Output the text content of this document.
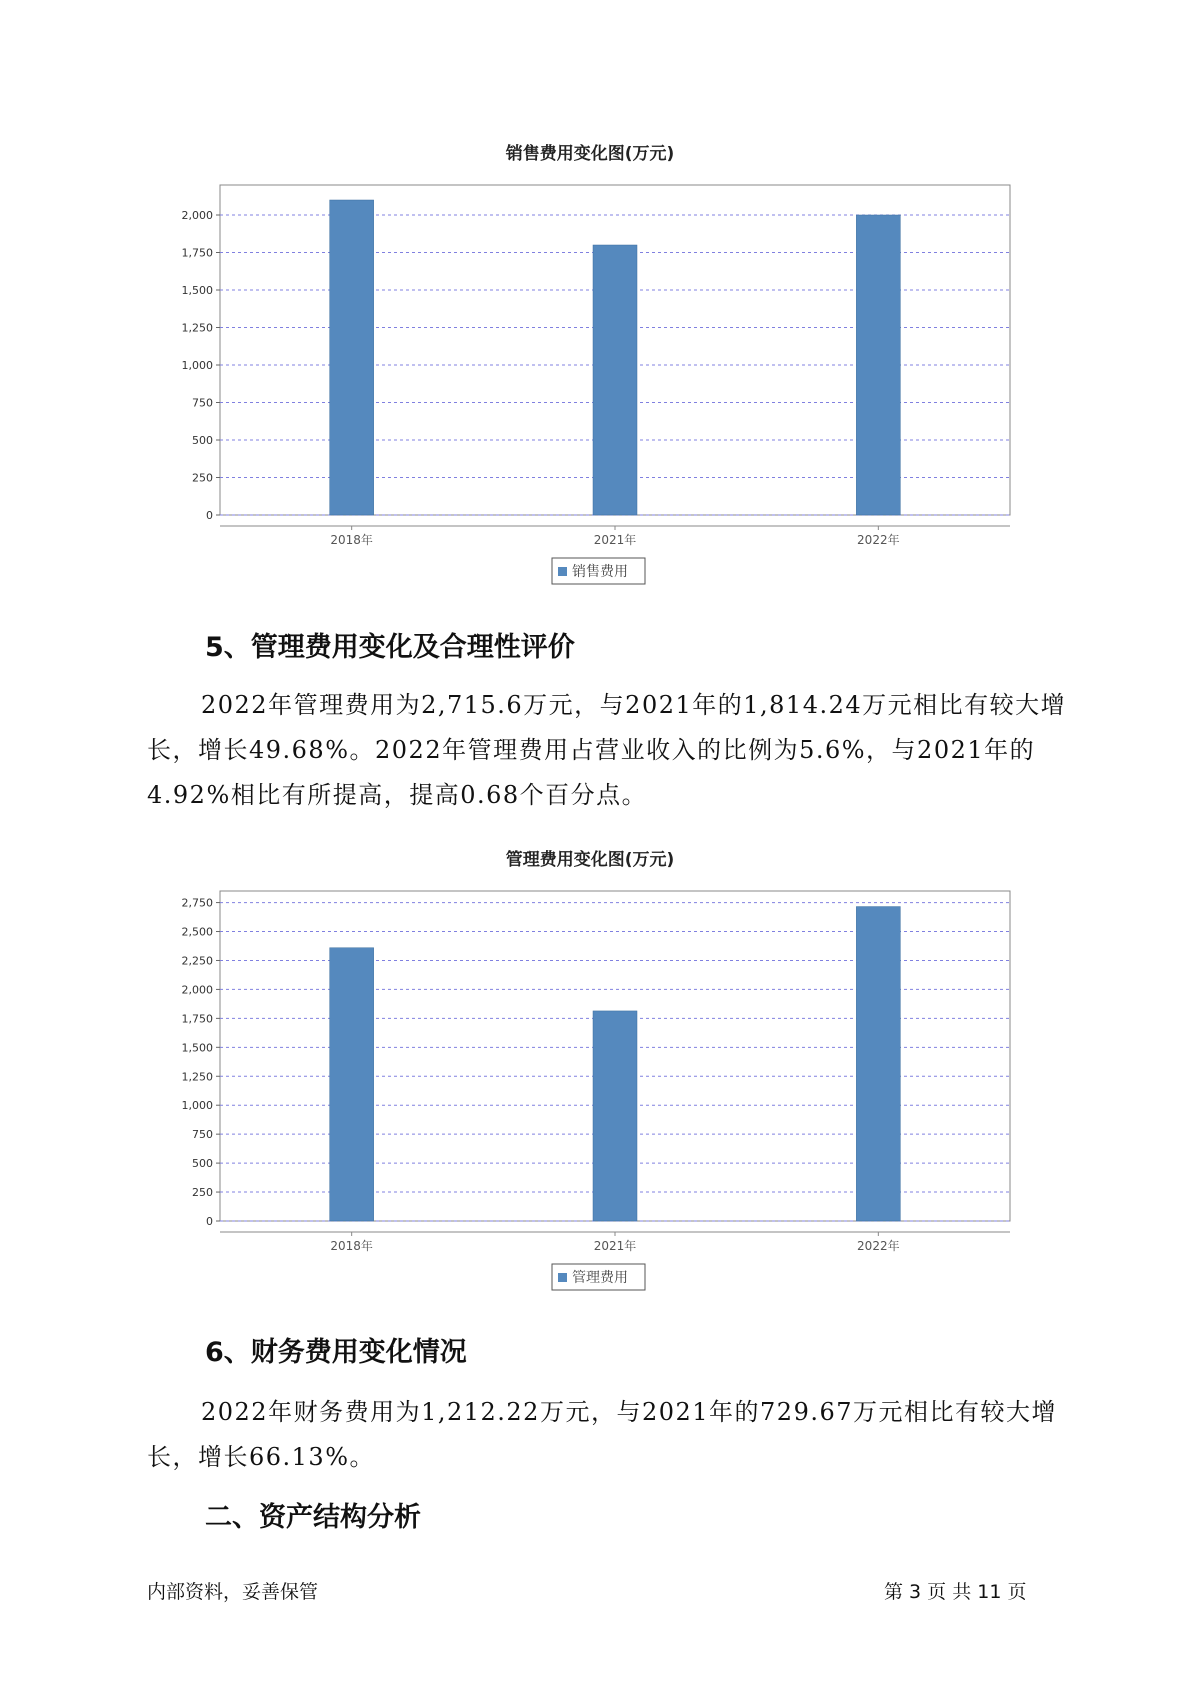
销售费用变化图(万元)
0
250
500
750
1,000
1,250
1,500
1,750
2,000
2018年	2021年	2022年
销售费用
5、管理费用变化及合理性评价

2022年管理费用为2,715.6万元，与2021年的1,814.24万元相比有较大增长，增长49.68%。2022年管理费用占营业收入的比例为5.6%，与2021年的4.92%相比有所提高，提高0.68个百分点。

管理费用变化图(万元)
0
250
500
750
1,000
1,250
1,500
1,750
2,000
2,250
2,500
2,750
2018年	2021年	2022年
管理费用
6、财务费用变化情况

2022年财务费用为1,212.22万元，与2021年的729.67万元相比有较大增长，增长66.13%。

二、资产结构分析
内部资料，妥善保管	第 3 页 共 11 页
